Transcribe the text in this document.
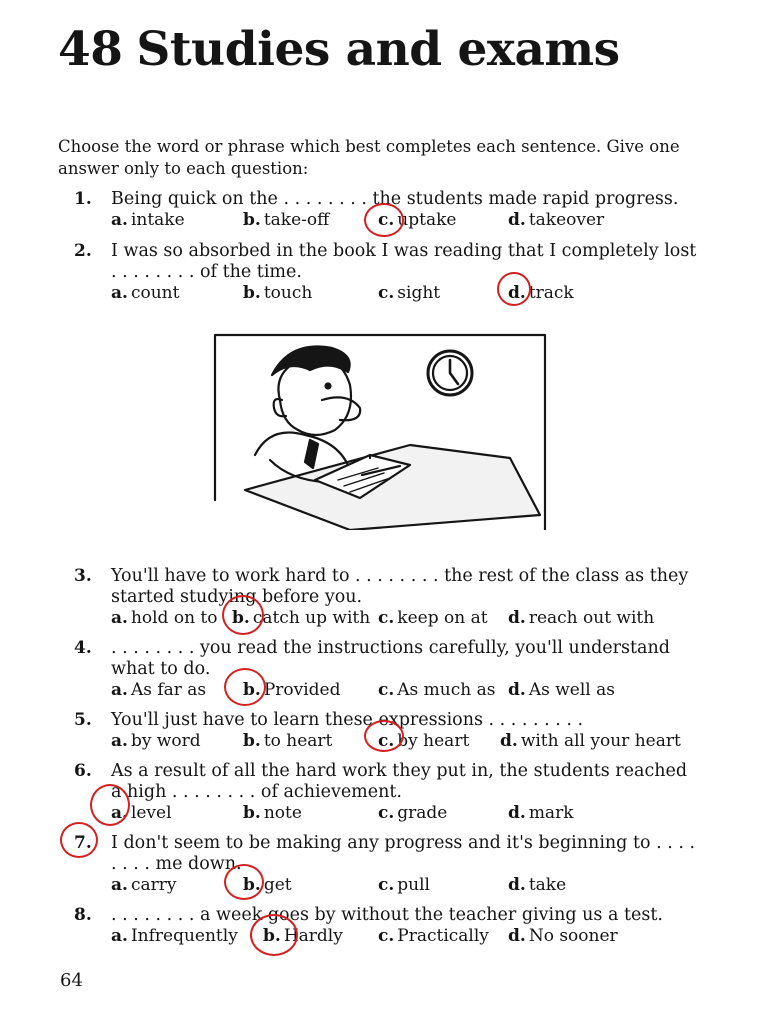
48 Studies and exams
Choose the word or phrase which best completes each sentence. Give one answer only to each question:
1. Being quick on the . . . . . . . . the students made rapid progress.
a. intake	b. take-off	c. uptake	d. takeover
2. I was so absorbed in the book I was reading that I completely lost . . . . . . . . of the time.
a. count	b. touch	c. sight	d. track
3. You'll have to work hard to . . . . . . . . the rest of the class as they started studying before you.
a. hold on to b. catch up with c. keep on at d. reach out with
4. . . . . . . . . you read the instructions carefully, you'll understand what to do.
a. As far as b. Provided c. As much as d. As well as
5. You'll just have to learn these expressions . . . . . . . . .
a. by word b. to heart	c. by heart d. with all your heart
6. As a result of all the hard work they put in, the students reached a high . . . . . . . . of achievement.
a. level	b. note	c. grade	d. mark
7. I don't seem to be making any progress and it's beginning to . . . . . . . . me down.
a. carry	b. get	c. pull	d. take
8. . . . . . . . . a week goes by without the teacher giving us a test.
a. Infrequently b. Hardly c. Practically d. No sooner
64
